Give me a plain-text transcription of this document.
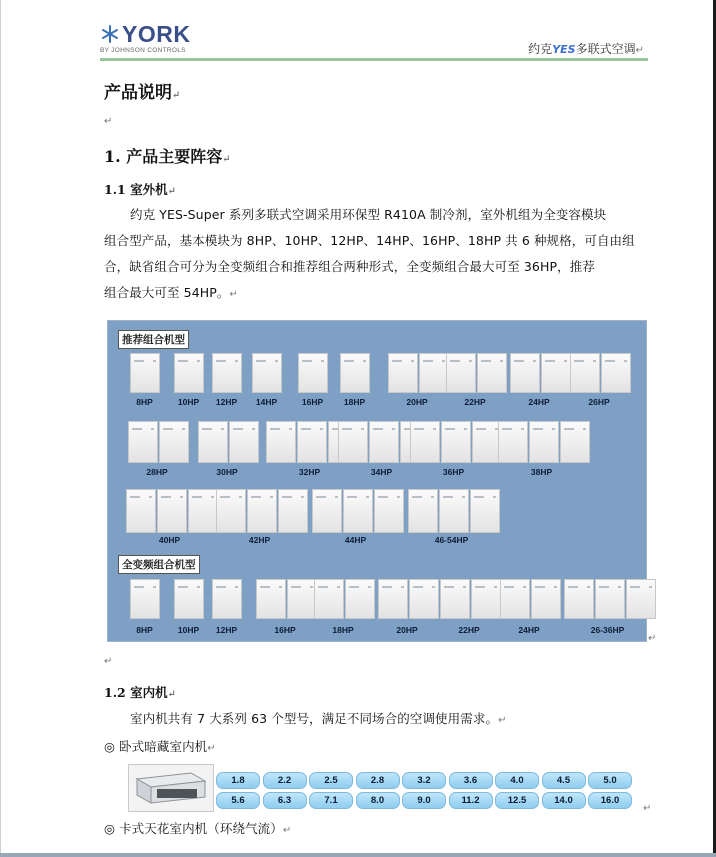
YORK
BY JOHNSON CONTROLS	约克YES多联式空调↵
产品说明↵
↵
1. 产品主要阵容↵
1.1 室外机↵
约克 YES-Super 系列多联式空调采用环保型 R410A 制冷剂，室外机组为全变容模块
组合型产品，基本模块为 8HP、10HP、12HP、14HP、16HP、18HP 共 6 种规格，可自由组
合，缺省组合可分为全变频组合和推荐组合两种形式，全变频组合最大可至 36HP，推荐
组合最大可至 54HP。↵
推荐组合机型
全变频组合机型
8HP	10HP	12HP	14HP	16HP	18HP	20HP	22HP	24HP	26HP
28HP	30HP	32HP	34HP	36HP	38HP
40HP	42HP	44HP	46-54HP
8HP	10HP	12HP	16HP	18HP	20HP	22HP	24HP	26-36HP
↵
↵
1.2 室内机↵
室内机共有 7 大系列 63 个型号，满足不同场合的空调使用需求。↵
◎ 卧式暗藏室内机↵
1.8	2.2	2.5	2.8	3.2	3.6	4.0	4.5	5.0
5.6	6.3	7.1	8.0	9.0	11.2	12.5	14.0	16.0
↵
◎ 卡式天花室内机（环绕气流）↵
